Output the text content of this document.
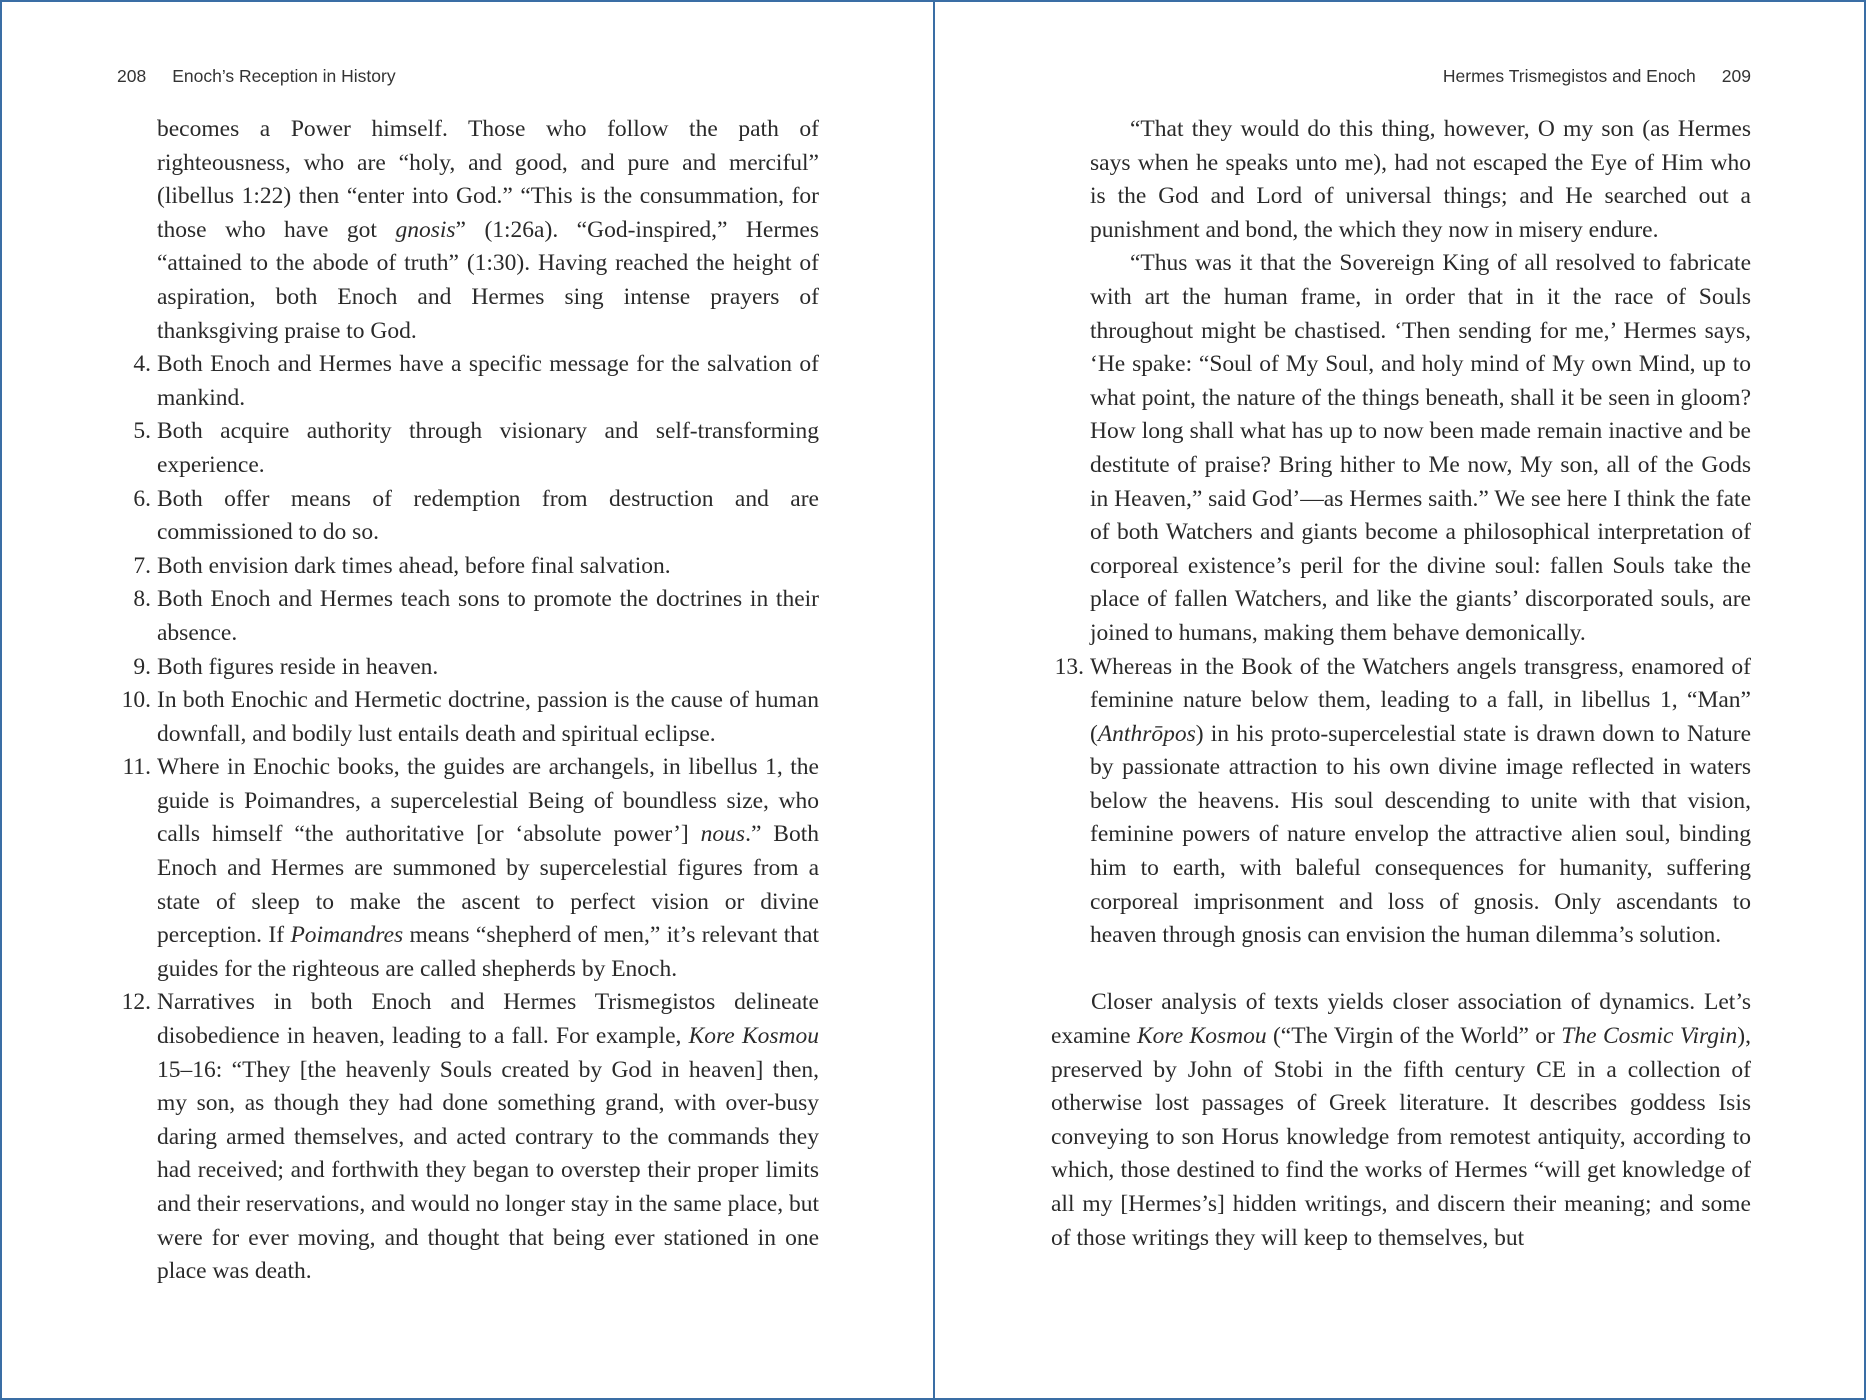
208 Enoch’s Reception in History

becomes a Power himself. Those who follow the path of righteousness, who are “holy, and good, and pure and merciful” (libellus 1:22) then “enter into God.” “This is the consummation, for those who have got gnosis” (1:26a). “God-inspired,” Hermes “attained to the abode of truth” (1:30). Having reached the height of aspiration, both Enoch and Hermes sing intense prayers of thanksgiving praise to God.

4. Both Enoch and Hermes have a specific message for the salvation of mankind.
5. Both acquire authority through visionary and self-transforming experience.
6. Both offer means of redemption from destruction and are commissioned to do so.
7. Both envision dark times ahead, before final salvation.
8. Both Enoch and Hermes teach sons to promote the doctrines in their absence.
9. Both figures reside in heaven.
10. In both Enochic and Hermetic doctrine, passion is the cause of human downfall, and bodily lust entails death and spiritual eclipse.
11. Where in Enochic books, the guides are archangels, in libellus 1, the guide is Poimandres, a supercelestial Being of boundless size, who calls himself “the authoritative [or ‘absolute power’] nous.” Both Enoch and Hermes are summoned by supercelestial figures from a state of sleep to make the ascent to perfect vision or divine perception. If Poimandres means “shepherd of men,” it’s relevant that guides for the righteous are called shepherds by Enoch.
12. Narratives in both Enoch and Hermes Trismegistos delineate disobedience in heaven, leading to a fall. For example, Kore Kosmou 15–16: “They [the heavenly Souls created by God in heaven] then, my son, as though they had done something grand, with over-busy daring armed themselves, and acted contrary to the commands they had received; and forthwith they began to overstep their proper limits and their reservations, and would no longer stay in the same place, but were for ever moving, and thought that being ever stationed in one place was death.
Hermes Trismegistos and Enoch 209

“That they would do this thing, however, O my son (as Hermes says when he speaks unto me), had not escaped the Eye of Him who is the God and Lord of universal things; and He searched out a punishment and bond, the which they now in misery endure.

“Thus was it that the Sovereign King of all resolved to fabricate with art the human frame, in order that in it the race of Souls throughout might be chastised. ‘Then sending for me,’ Hermes says, ‘He spake: “Soul of My Soul, and holy mind of My own Mind, up to what point, the nature of the things beneath, shall it be seen in gloom? How long shall what has up to now been made remain inactive and be destitute of praise? Bring hither to Me now, My son, all of the Gods in Heaven,” said God’—as Hermes saith.” We see here I think the fate of both Watchers and giants become a philosophical interpretation of corporeal existence’s peril for the divine soul: fallen Souls take the place of fallen Watchers, and like the giants’ discorporated souls, are joined to humans, making them behave demonically.

13. Whereas in the Book of the Watchers angels transgress, enamored of feminine nature below them, leading to a fall, in libellus 1, “Man” (Anthrōpos) in his proto-supercelestial state is drawn down to Nature by passionate attraction to his own divine image reflected in waters below the heavens. His soul descending to unite with that vision, feminine powers of nature envelop the attractive alien soul, binding him to earth, with baleful consequences for humanity, suffering corporeal imprisonment and loss of gnosis. Only ascendants to heaven through gnosis can envision the human dilemma’s solution.

Closer analysis of texts yields closer association of dynamics. Let’s examine Kore Kosmou (“The Virgin of the World” or The Cosmic Virgin), preserved by John of Stobi in the fifth century CE in a collection of otherwise lost passages of Greek literature. It describes goddess Isis conveying to son Horus knowledge from remotest antiquity, according to which, those destined to find the works of Hermes “will get knowledge of all my [Hermes’s] hidden writings, and discern their meaning; and some of those writings they will keep to themselves, but
